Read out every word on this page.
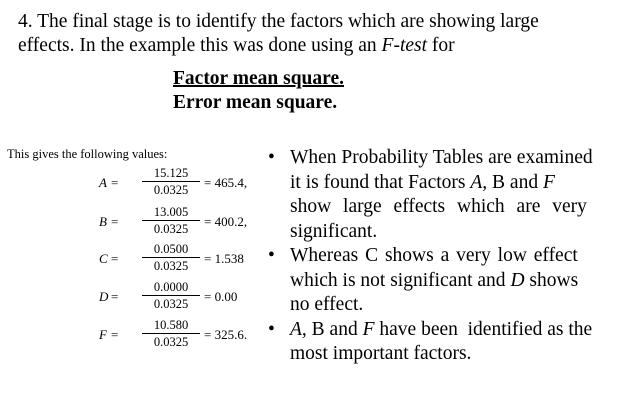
4. The final stage is to identify the factors which are showing large
effects. In the example this was done using an F-test for
Factor mean square.
Error mean square.
This gives the following values:
A =
15.125
0.0325	= 465.4,
B =
13.005
0.0325	= 400.2,
C =
0.0500
0.0325	= 1.538
D =
0.0000
0.0325	= 0.00
F =
10.580
0.0325	= 325.6.
• When Probability Tables are examined
it is found that Factors A, B and F
show large effects which are very
significant.
• Whereas C shows a very low effect
which is not significant and D shows
no effect.
• A, B and F have been  identified as the
most important factors.
